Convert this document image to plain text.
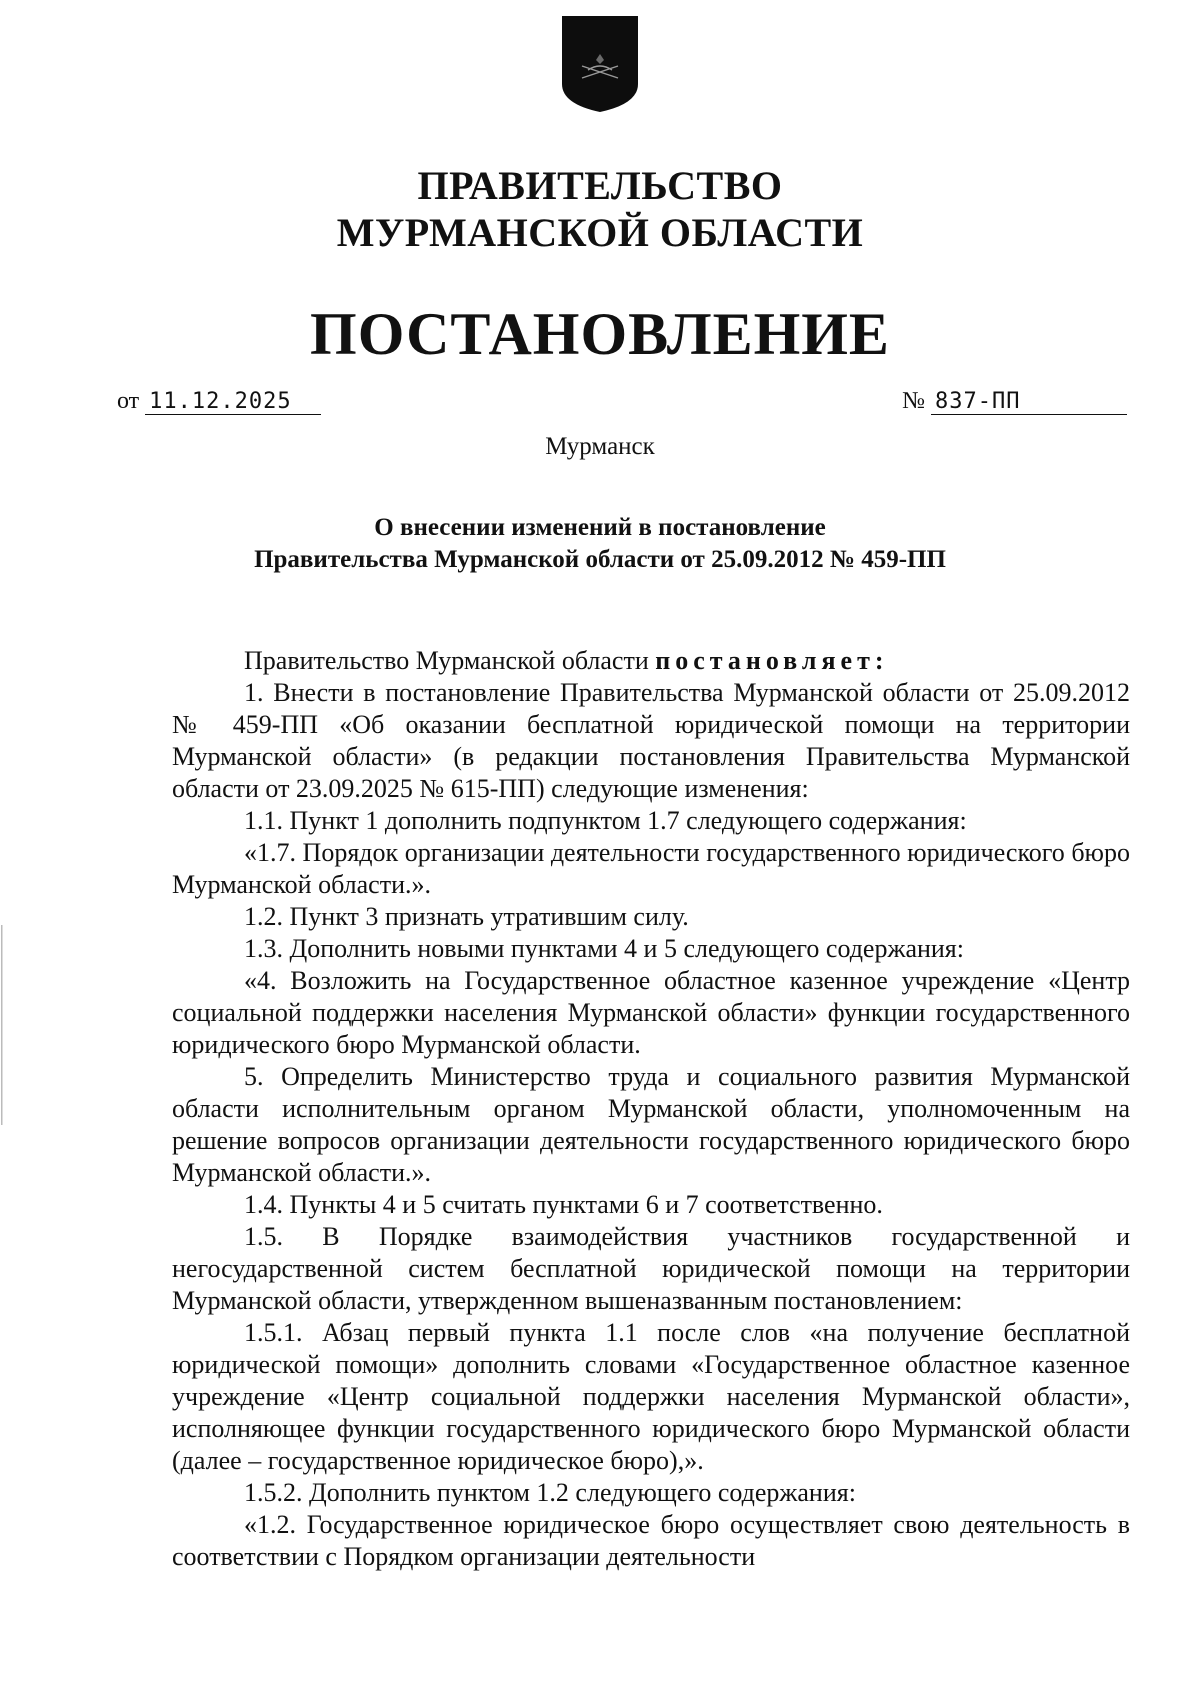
ПРАВИТЕЛЬСТВО
МУРМАНСКОЙ ОБЛАСТИ
ПОСТАНОВЛЕНИЕ
от 11.12.2025	№ 837-ПП
Мурманск
О внесении изменений в постановление
Правительства Мурманской области от 25.09.2012 № 459-ПП

Правительство Мурманской области постановляет:

1. Внести в постановление Правительства Мурманской области от 25.09.2012 № 459-ПП «Об оказании бесплатной юридической помощи на территории Мурманской области» (в редакции постановления Правительства Мурманской области от 23.09.2025 № 615-ПП) следующие изменения:

1.1. Пункт 1 дополнить подпунктом 1.7 следующего содержания:

«1.7. Порядок организации деятельности государственного юридического бюро Мурманской области.».

1.2. Пункт 3 признать утратившим силу.

1.3. Дополнить новыми пунктами 4 и 5 следующего содержания:

«4. Возложить на Государственное областное казенное учреждение «Центр социальной поддержки населения Мурманской области» функции государственного юридического бюро Мурманской области.

5. Определить Министерство труда и социального развития Мурманской области исполнительным органом Мурманской области, уполномоченным на решение вопросов организации деятельности государственного юридического бюро Мурманской области.».

1.4. Пункты 4 и 5 считать пунктами 6 и 7 соответственно.

1.5. В Порядке взаимодействия участников государственной и негосударственной систем бесплатной юридической помощи на территории Мурманской области, утвержденном вышеназванным постановлением:

1.5.1. Абзац первый пункта 1.1 после слов «на получение бесплатной юридической помощи» дополнить словами «Государственное областное казенное учреждение «Центр социальной поддержки населения Мурманской области», исполняющее функции государственного юридического бюро Мурманской области (далее – государственное юридическое бюро),».

1.5.2. Дополнить пунктом 1.2 следующего содержания:

«1.2. Государственное юридическое бюро осуществляет свою деятельность в соответствии с Порядком организации деятельности
